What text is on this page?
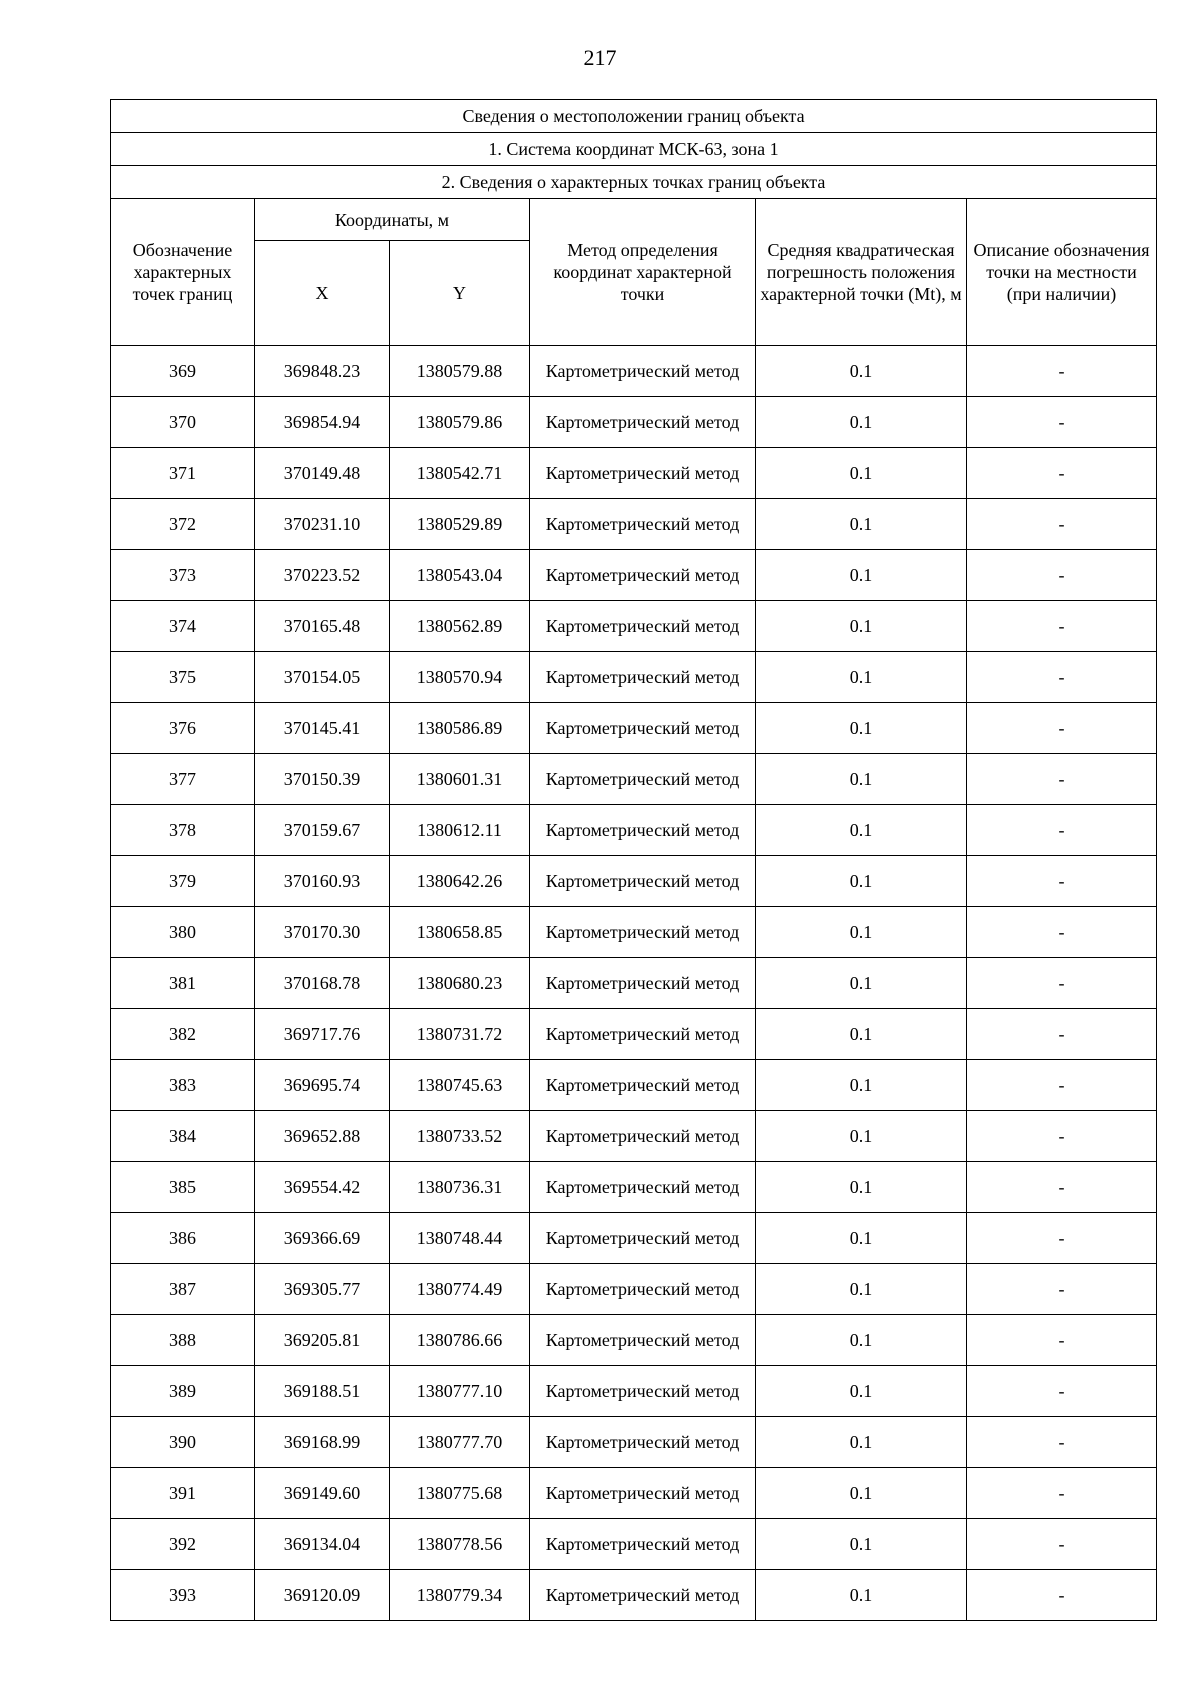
217
Сведения о местоположении границ объекта					
1. Система координат МСК-63, зона 1					
2. Сведения о характерных точках границ объекта					
Обозначение характерных точек границ	Координаты, м		Метод определения координат характерной точки	Средняя квадратическая погрешность положения характерной точки (Mt), м	Описание обозначения точки на местности (при наличии)
	X	Y			
369	369848.23	1380579.88	Картометрический метод	0.1	-
370	369854.94	1380579.86	Картометрический метод	0.1	-
371	370149.48	1380542.71	Картометрический метод	0.1	-
372	370231.10	1380529.89	Картометрический метод	0.1	-
373	370223.52	1380543.04	Картометрический метод	0.1	-
374	370165.48	1380562.89	Картометрический метод	0.1	-
375	370154.05	1380570.94	Картометрический метод	0.1	-
376	370145.41	1380586.89	Картометрический метод	0.1	-
377	370150.39	1380601.31	Картометрический метод	0.1	-
378	370159.67	1380612.11	Картометрический метод	0.1	-
379	370160.93	1380642.26	Картометрический метод	0.1	-
380	370170.30	1380658.85	Картометрический метод	0.1	-
381	370168.78	1380680.23	Картометрический метод	0.1	-
382	369717.76	1380731.72	Картометрический метод	0.1	-
383	369695.74	1380745.63	Картометрический метод	0.1	-
384	369652.88	1380733.52	Картометрический метод	0.1	-
385	369554.42	1380736.31	Картометрический метод	0.1	-
386	369366.69	1380748.44	Картометрический метод	0.1	-
387	369305.77	1380774.49	Картометрический метод	0.1	-
388	369205.81	1380786.66	Картометрический метод	0.1	-
389	369188.51	1380777.10	Картометрический метод	0.1	-
390	369168.99	1380777.70	Картометрический метод	0.1	-
391	369149.60	1380775.68	Картометрический метод	0.1	-
392	369134.04	1380778.56	Картометрический метод	0.1	-
393	369120.09	1380779.34	Картометрический метод	0.1	-
